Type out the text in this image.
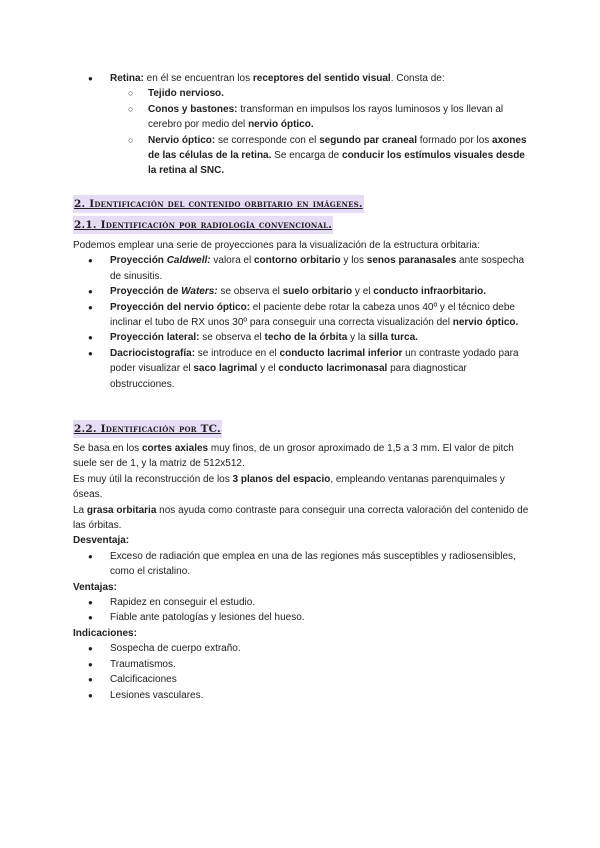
● Retina: en él se encuentran los receptores del sentido visual. Consta de:
○ Tejido nervioso.
○ Conos y bastones: transforman en impulsos los rayos luminosos y los llevan al cerebro por medio del nervio óptico.
○ Nervio óptico: se corresponde con el segundo par craneal formado por los axones de las células de la retina. Se encarga de conducir los estímulos visuales desde la retina al SNC.
2. Identificación del contenido orbitario en imágenes.
2.1. Identificación por radiología convencional.

Podemos emplear una serie de proyecciones para la visualización de la estructura orbitaria:

● Proyección Caldwell: valora el contorno orbitario y los senos paranasales ante sospecha de sinusitis.
● Proyección de Waters: se observa el suelo orbitario y el conducto infraorbitario.
● Proyección del nervio óptico: el paciente debe rotar la cabeza unos 40º y el técnico debe inclinar el tubo de RX unos 30º para conseguir una correcta visualización del nervio óptico.
● Proyección lateral: se observa el techo de la órbita y la silla turca.
● Dacriocistografía: se introduce en el conducto lacrimal inferior un contraste yodado para poder visualizar el saco lagrimal y el conducto lacrimonasal para diagnosticar obstrucciones.
2.2. Identificación por TC.

Se basa en los cortes axiales muy finos, de un grosor aproximado de 1,5 a 3 mm. El valor de pitch suele ser de 1, y la matriz de 512x512.

Es muy útil la reconstrucción de los 3 planos del espacio, empleando ventanas parenquimales y óseas.

La grasa orbitaria nos ayuda como contraste para conseguir una correcta valoración del contenido de las órbitas.

Desventaja:

● Exceso de radiación que emplea en una de las regiones más susceptibles y radiosensibles, como el cristalino.

Ventajas:

● Rapidez en conseguir el estudio.
● Fiable ante patologías y lesiones del hueso.

Indicaciones:

● Sospecha de cuerpo extraño.
● Traumatismos.
● Calcificaciones
● Lesiones vasculares.
